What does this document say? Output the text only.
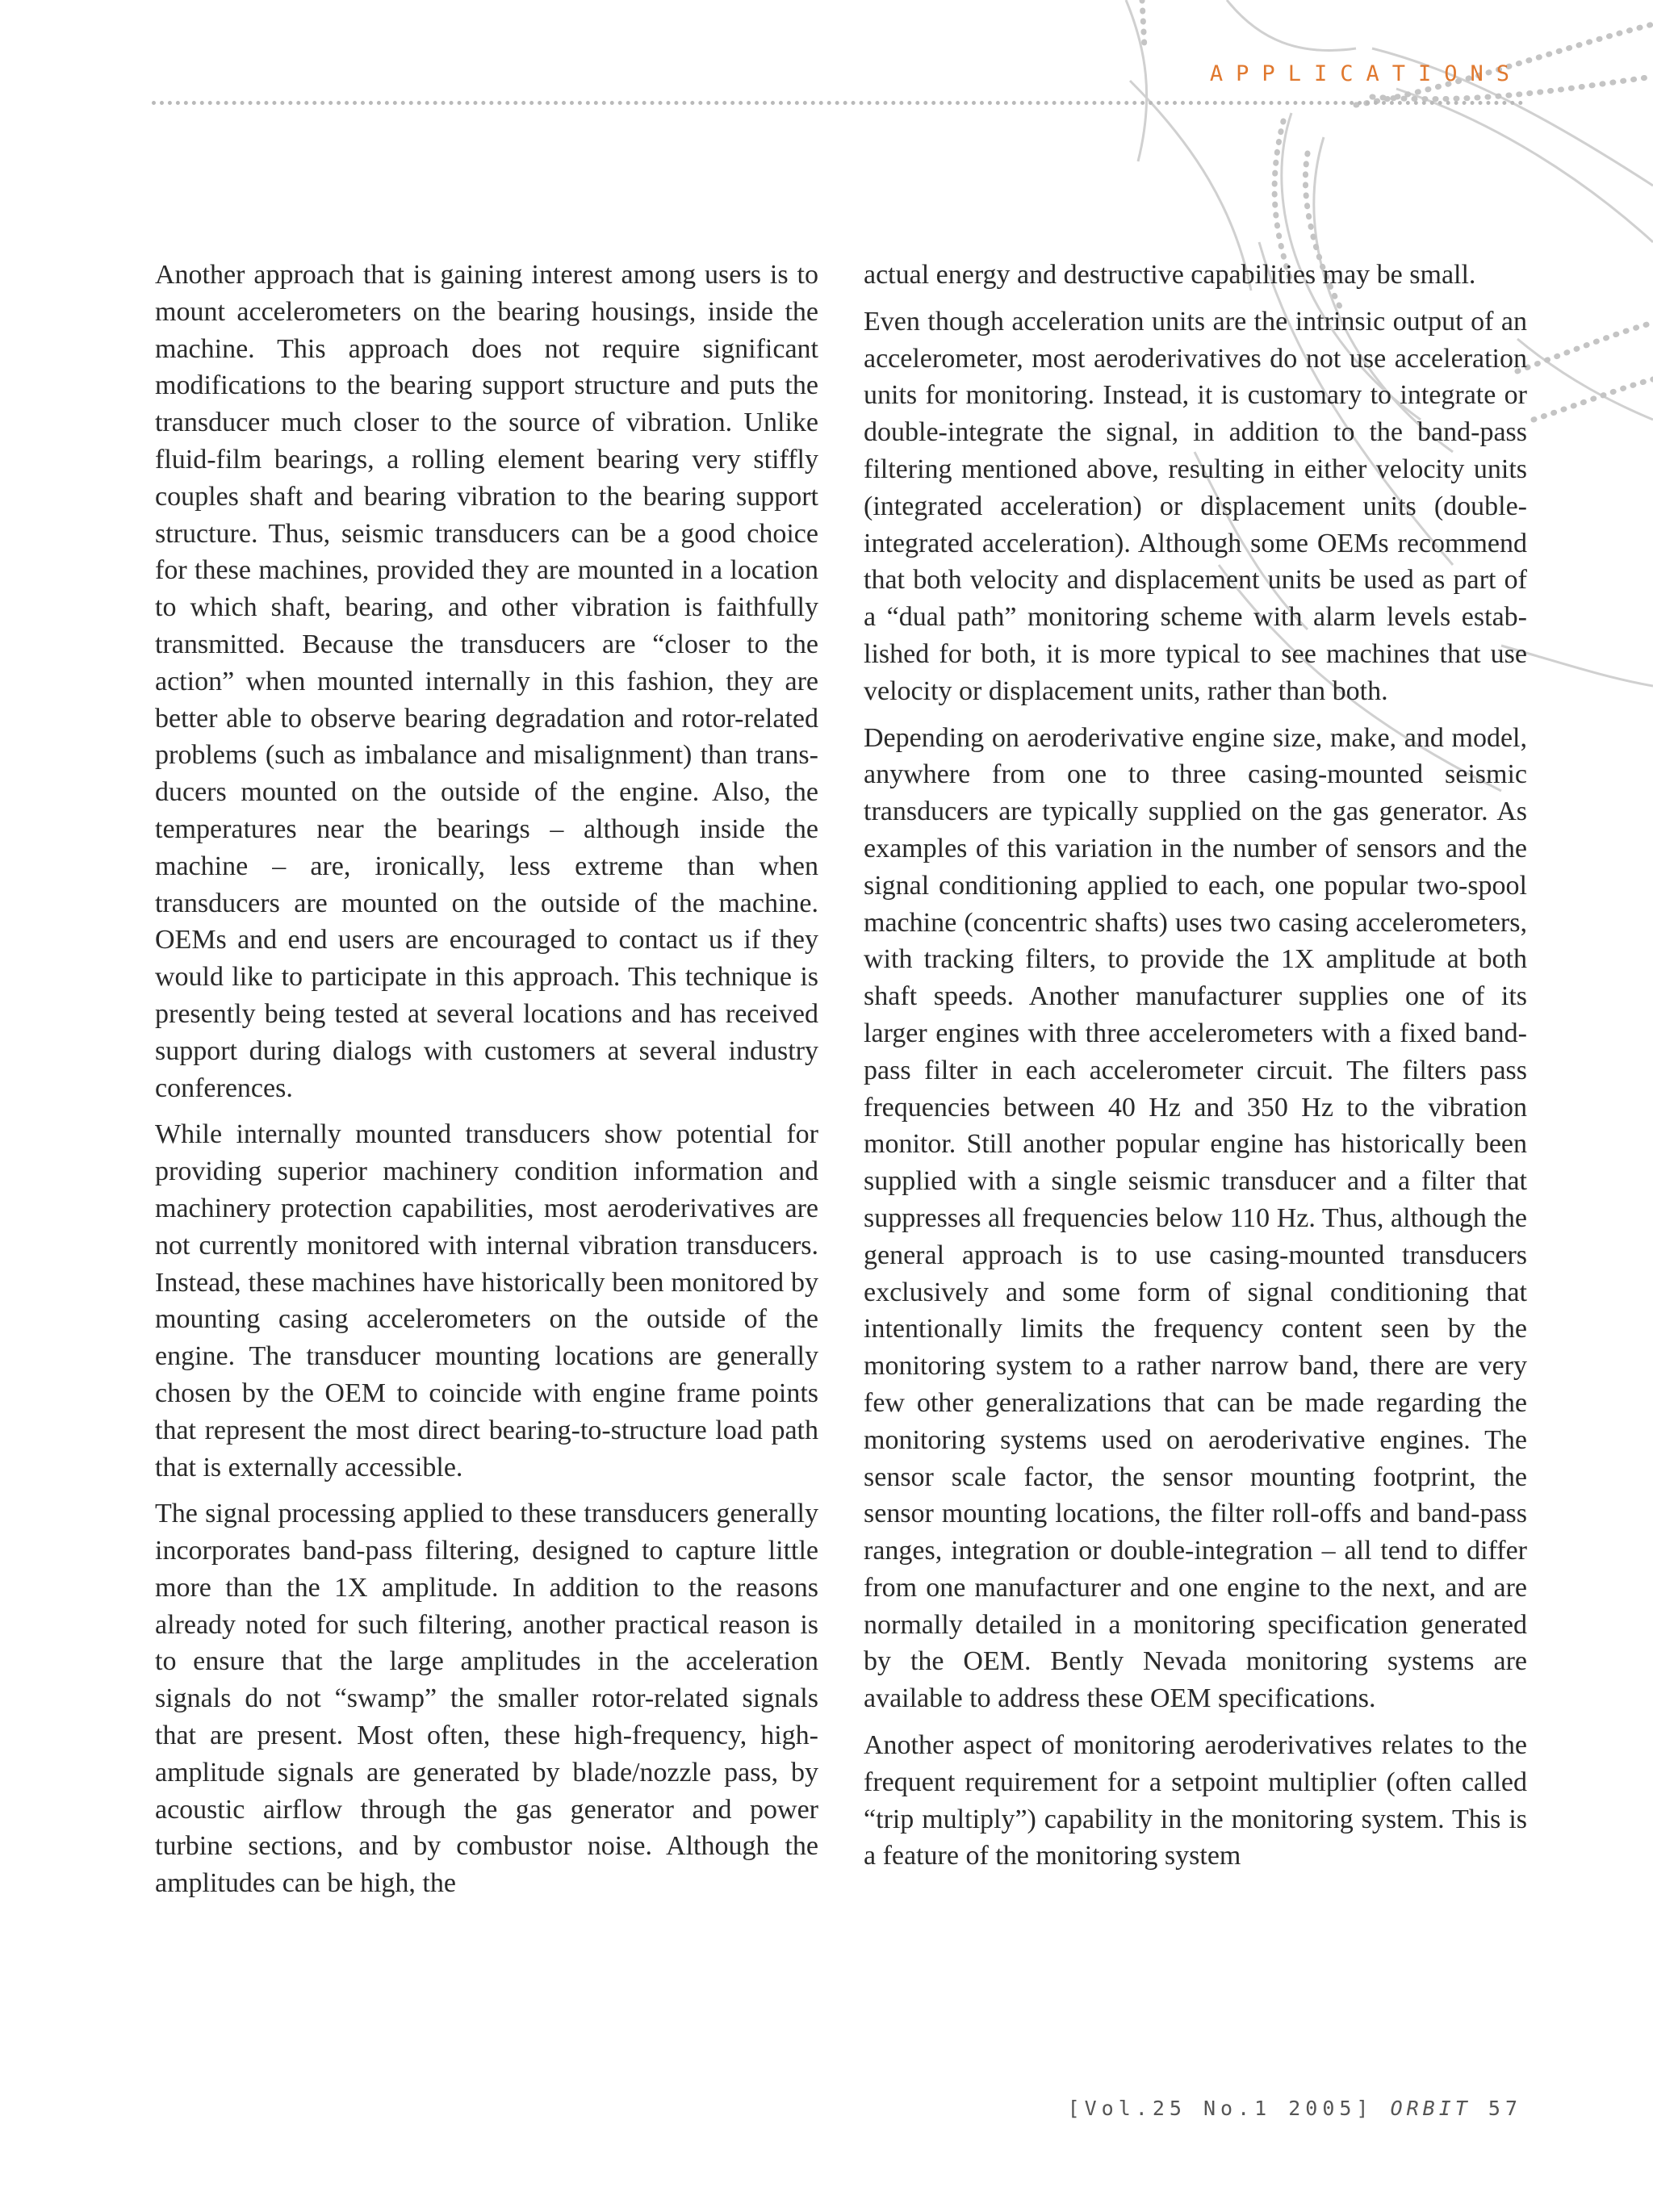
APPLICATIONS

Another approach that is gaining interest among users is to mount accelerometers on the bearing housings, inside the machine. This approach does not require significant modifications to the bearing support structure and puts the transducer much closer to the source of vibration. Unlike fluid-film bearings, a rolling element bearing very stiffly couples shaft and bearing vibration to the bearing support structure. Thus, seismic transducers can be a good choice for these machines, provided they are mounted in a location to which shaft, bearing, and other vibration is faithfully transmitted. Because the transducers are “closer to the action” when mounted internally in this fashion, they are better able to observe bearing degradation and rotor-related problems (such as imbalance and misalignment) than transducers mounted on the outside of the engine. Also, the temperatures near the bearings – although inside the machine – are, ironically, less extreme than when transducers are mounted on the outside of the machine. OEMs and end users are encouraged to contact us if they would like to participate in this approach. This technique is presently being tested at several locations and has received support during dialogs with customers at several industry conferences.

While internally mounted transducers show potential for providing superior machinery condition information and machinery protection capabilities, most aeroderivatives are not currently monitored with internal vibration transducers. Instead, these machines have historically been monitored by mounting casing accelerometers on the outside of the engine. The transducer mounting locations are generally chosen by the OEM to coincide with engine frame points that represent the most direct bearing-to-structure load path that is externally accessible.

The signal processing applied to these transducers generally incorporates band-pass filtering, designed to capture little more than the 1X amplitude. In addition to the reasons already noted for such filtering, another practical reason is to ensure that the large amplitudes in the acceleration signals do not “swamp” the smaller rotor-related signals that are present. Most often, these high-frequency, high-amplitude signals are generated by blade/nozzle pass, by acoustic airflow through the gas generator and power turbine sections, and by combustor noise. Although the amplitudes can be high, the

actual energy and destructive capabilities may be small.

Even though acceleration units are the intrinsic output of an accelerometer, most aeroderivatives do not use acceleration units for monitoring. Instead, it is customary to integrate or double-integrate the signal, in addition to the band-pass filtering mentioned above, resulting in either velocity units (integrated acceleration) or displacement units (double-integrated acceleration). Although some OEMs recommend that both velocity and displacement units be used as part of a “dual path” monitoring scheme with alarm levels established for both, it is more typical to see machines that use velocity or displacement units, rather than both.

Depending on aeroderivative engine size, make, and model, anywhere from one to three casing-mounted seismic transducers are typically supplied on the gas generator. As examples of this variation in the number of sensors and the signal conditioning applied to each, one popular two-spool machine (concentric shafts) uses two casing accelerometers, with tracking filters, to provide the 1X amplitude at both shaft speeds. Another manufacturer supplies one of its larger engines with three accelerometers with a fixed band-pass filter in each accelerometer circuit. The filters pass frequencies between 40 Hz and 350 Hz to the vibration monitor. Still another popular engine has historically been supplied with a single seismic transducer and a filter that suppresses all frequencies below 110 Hz. Thus, although the general approach is to use casing-mounted transducers exclusively and some form of signal conditioning that intentionally limits the frequency content seen by the monitoring system to a rather narrow band, there are very few other generalizations that can be made regarding the monitoring systems used on aeroderivative engines. The sensor scale factor, the sensor mounting footprint, the sensor mounting locations, the filter roll-offs and band-pass ranges, integration or double-integration – all tend to differ from one manufacturer and one engine to the next, and are normally detailed in a monitoring specification generated by the OEM. Bently Nevada monitoring systems are available to address these OEM specifications.

Another aspect of monitoring aeroderivatives relates to the frequent requirement for a setpoint multiplier (often called “trip multiply”) capability in the monitoring system. This is a feature of the monitoring system

[Vol.25 No.1 2005] ORBIT 57
